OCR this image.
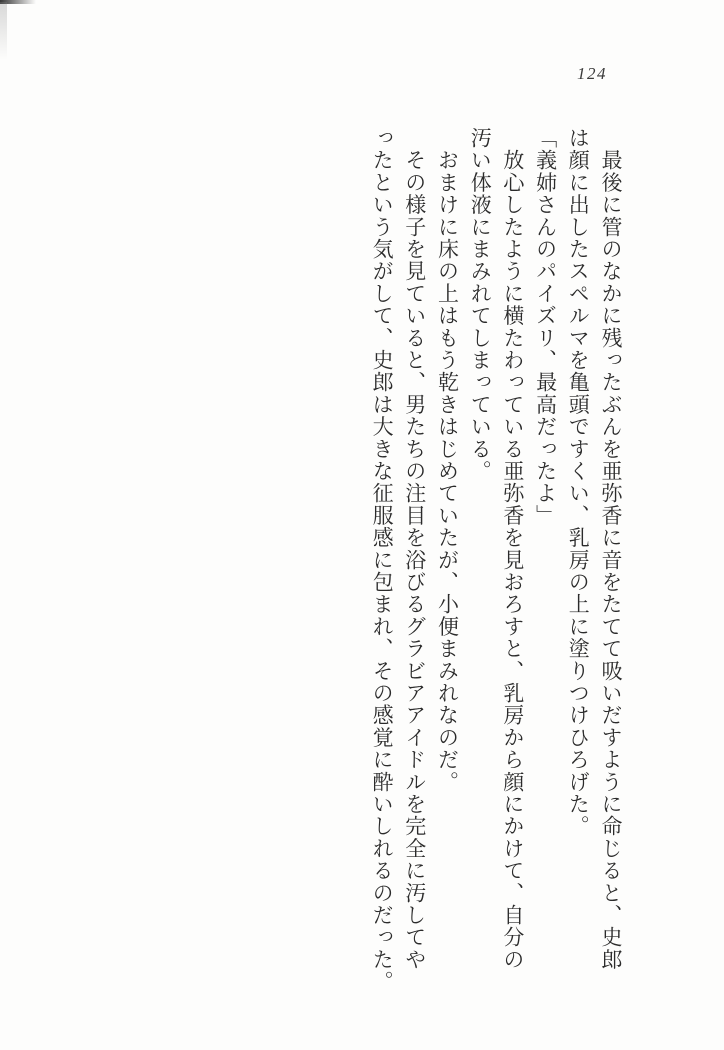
124

　最後に管のなかに残ったぶんを亜弥香に音をたてて吸いだすように命じると、史郎

は顔に出したスペルマを亀頭ですくい、乳房の上に塗りつけひろげた。

「義姉さんのパイズリ、最高だったよ」

　放心したように横たわっている亜弥香を見おろすと、乳房から顔にかけて、自分の

汚い体液にまみれてしまっている。

　おまけに床の上はもう乾きはじめていたが、小便まみれなのだ。

　その様子を見ていると、男たちの注目を浴びるグラビアアイドルを完全に汚してや

ったという気がして、史郎は大きな征服感に包まれ、その感覚に酔いしれるのだった。
